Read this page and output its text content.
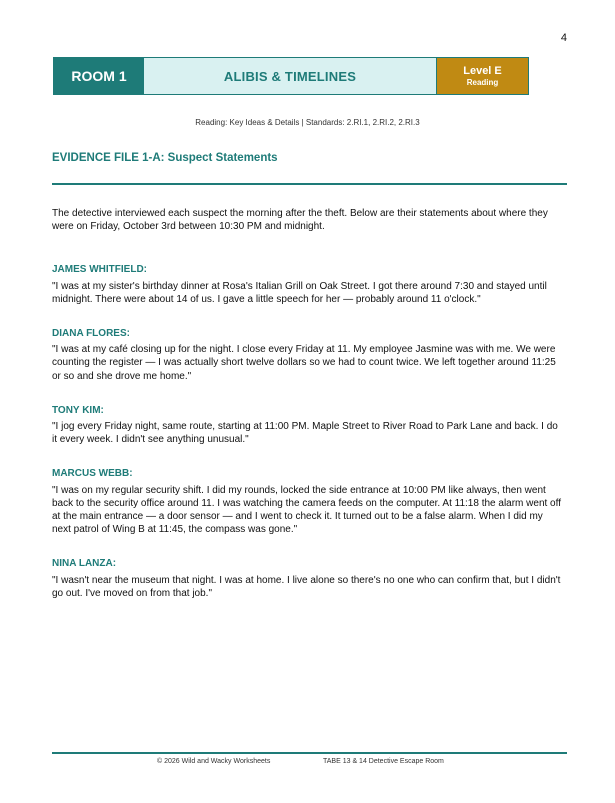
4
ROOM 1	ALIBIS & TIMELINES	Level E
Reading
Reading: Key Ideas & Details | Standards: 2.RI.1, 2.RI.2, 2.RI.3
EVIDENCE FILE 1-A: Suspect Statements

The detective interviewed each suspect the morning after the theft. Below are their statements about where they were on Friday, October 3rd between 10:30 PM and midnight.

JAMES WHITFIELD:

"I was at my sister's birthday dinner at Rosa's Italian Grill on Oak Street. I got there around 7:30 and stayed until midnight. There were about 14 of us. I gave a little speech for her — probably around 11 o'clock."

DIANA FLORES:

"I was at my café closing up for the night. I close every Friday at 11. My employee Jasmine was with me. We were counting the register — I was actually short twelve dollars so we had to count twice. We left together around 11:25 or so and she drove me home."

TONY KIM:

"I jog every Friday night, same route, starting at 11:00 PM. Maple Street to River Road to Park Lane and back. I do it every week. I didn't see anything unusual."

MARCUS WEBB:

"I was on my regular security shift. I did my rounds, locked the side entrance at 10:00 PM like always, then went back to the security office around 11. I was watching the camera feeds on the computer. At 11:18 the alarm went off at the main entrance — a door sensor — and I went to check it. It turned out to be a false alarm. When I did my next patrol of Wing B at 11:45, the compass was gone."

NINA LANZA:

"I wasn't near the museum that night. I was at home. I live alone so there's no one who can confirm that, but I didn't go out. I've moved on from that job."

© 2026 Wild and Wacky Worksheets	TABE 13 & 14 Detective Escape Room
